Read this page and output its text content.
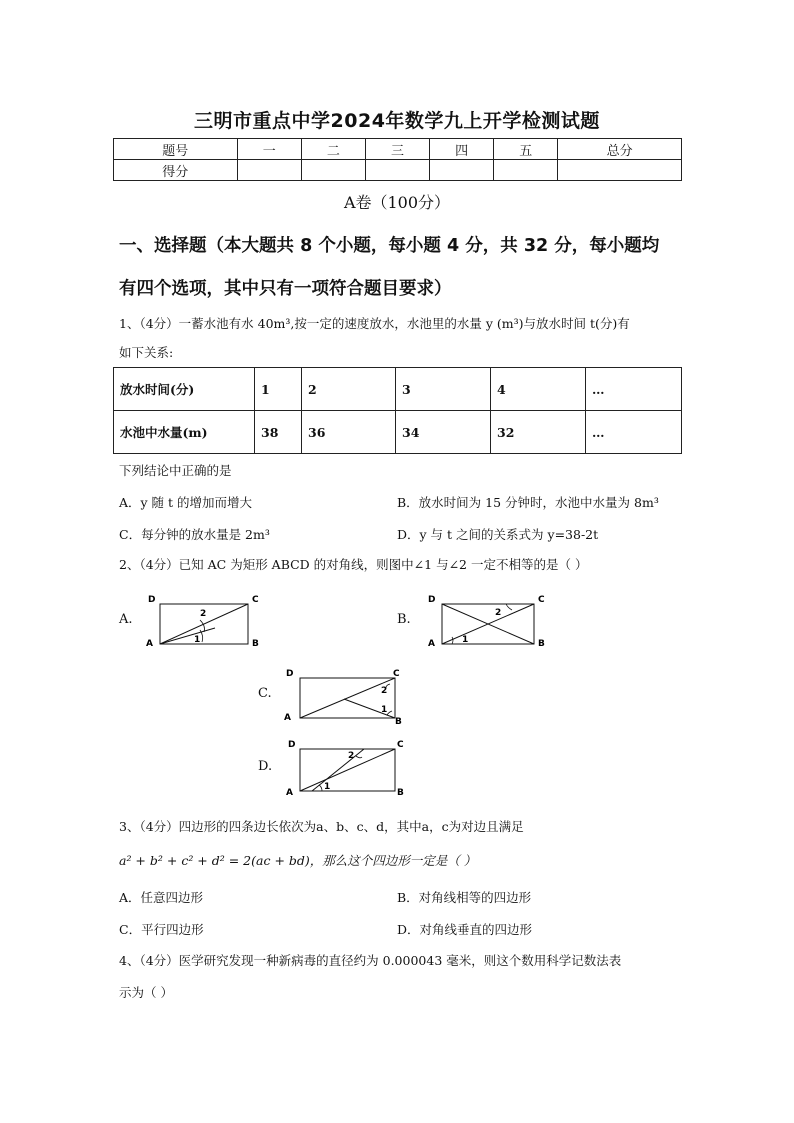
三明市重点中学2024年数学九上开学检测试题
题号	一	二	三	四	五	总分
得分						
A卷（100分）
一、选择题（本大题共 8 个小题，每小题 4 分，共 32 分，每小题均
有四个选项，其中只有一项符合题目要求）
1、（4分）一蓄水池有水 40m³,按一定的速度放水，水池里的水量 y (m³)与放水时间 t(分)有
如下关系:
放水时间(分)	1	2	3	4	…
水池中水量(m)	38	36	34	32	…
下列结论中正确的是
A．y 随 t 的增加而增大	B．放水时间为 15 分钟时，水池中水量为 8m³
C．每分钟的放水量是 2m³	D．y 与 t 之间的关系式为 y=38-2t
2、（4分）已知 AC 为矩形 ABCD 的对角线，则图中∠1 与∠2 一定不相等的是（ ）
A.	B.
C.
D.
D	C
A	B
2
1
D	C
A	B
2
1
D	C
A	B
2
1
D	C
A	B
2
1
3、（4分）四边形的四条边长依次为a、b、c、d，其中a，c为对边且满足
a² + b² + c² + d² = 2(ac + bd)，那么这个四边形一定是（ ）
A．任意四边形	B．对角线相等的四边形
C．平行四边形	D．对角线垂直的四边形
4、（4分）医学研究发现一种新病毒的直径约为 0.000043 毫米，则这个数用科学记数法表
示为（ ）
